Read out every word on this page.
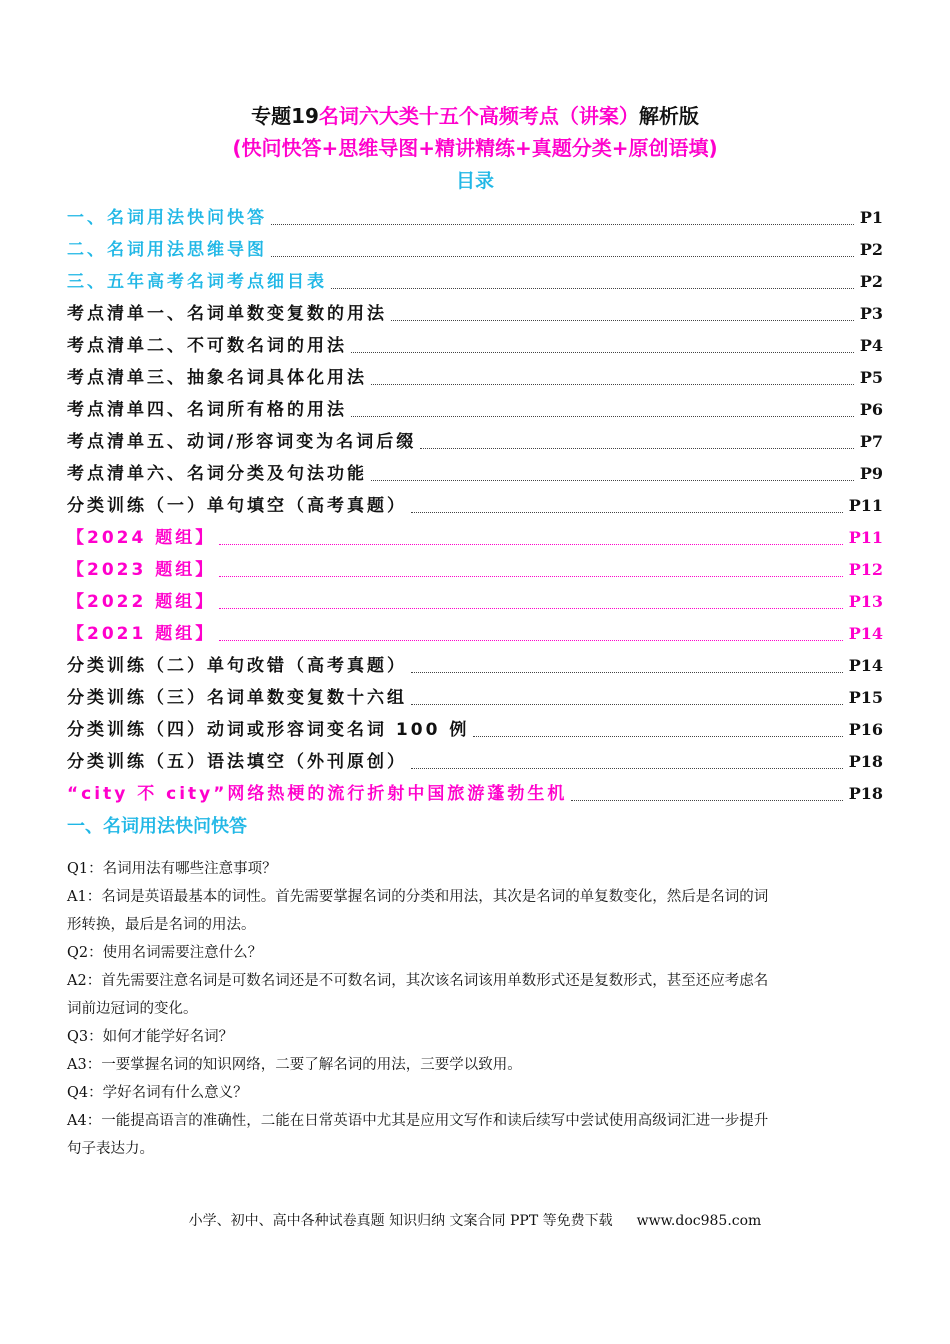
专题19名词六大类十五个高频考点（讲案）解析版
(快问快答+思维导图+精讲精练+真题分类+原创语填)
目录
一、名词用法快问快答	P1
二、名词用法思维导图	P2
三、五年高考名词考点细目表	P2
考点清单一、名词单数变复数的用法	P3
考点清单二、不可数名词的用法	P4
考点清单三、抽象名词具体化用法	P5
考点清单四、名词所有格的用法	P6
考点清单五、动词/形容词变为名词后缀	P7
考点清单六、名词分类及句法功能	P9
分类训练（一）单句填空（高考真题）	P11
【2024 题组】	P11
【2023 题组】	P12
【2022 题组】	P13
【2021 题组】	P14
分类训练（二）单句改错（高考真题）	P14
分类训练（三）名词单数变复数十六组	P15
分类训练（四）动词或形容词变名词 100 例	P16
分类训练（五）语法填空（外刊原创）	P18
“city 不 city”网络热梗的流行折射中国旅游蓬勃生机	P18
一、名词用法快问快答
Q1：名词用法有哪些注意事项？
A1：名词是英语最基本的词性。首先需要掌握名词的分类和用法，其次是名词的单复数变化，然后是名词的词
形转换，最后是名词的用法。
Q2：使用名词需要注意什么？
A2：首先需要注意名词是可数名词还是不可数名词，其次该名词该用单数形式还是复数形式，甚至还应考虑名
词前边冠词的变化。
Q3：如何才能学好名词？
A3：一要掌握名词的知识网络，二要了解名词的用法，三要学以致用。
Q4：学好名词有什么意义？
A4：一能提高语言的准确性，二能在日常英语中尤其是应用文写作和读后续写中尝试使用高级词汇进一步提升
句子表达力。
小学、初中、高中各种试卷真题 知识归纳 文案合同 PPT 等免费下载 www.doc985.com
